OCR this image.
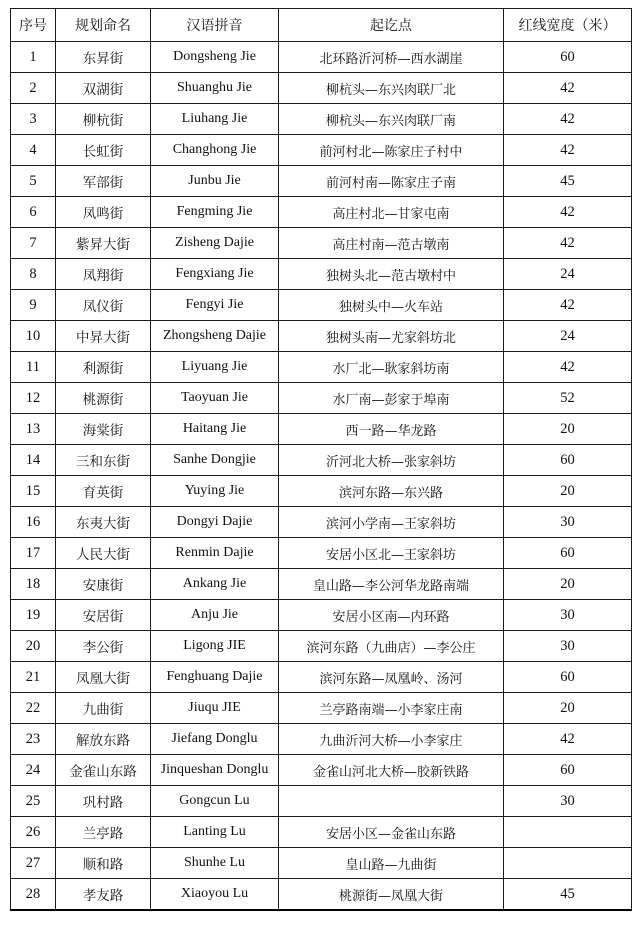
序号	规划命名	汉语拼音	起讫点	红线宽度（米）
1	东昇街	Dongsheng Jie	北环路沂河桥—西水湖崖	60
2	双湖街	Shuanghu Jie	柳杭头—东兴肉联厂北	42
3	柳杭街	Liuhang Jie	柳杭头—东兴肉联厂南	42
4	长虹街	Changhong Jie	前河村北—陈家庄子村中	42
5	军部街	Junbu Jie	前河村南—陈家庄子南	45
6	凤鸣街	Fengming Jie	高庄村北—甘家屯南	42
7	紫昇大街	Zisheng Dajie	高庄村南—范古墩南	42
8	凤翔街	Fengxiang Jie	独树头北—范古墩村中	24
9	凤仪街	Fengyi Jie	独树头中—火车站	42
10	中昇大街	Zhongsheng Dajie	独树头南—尤家斜坊北	24
11	利源街	Liyuang Jie	水厂北—耿家斜坊南	42
12	桃源街	Taoyuan Jie	水厂南—彭家于埠南	52
13	海棠街	Haitang Jie	西一路—华龙路	20
14	三和东街	Sanhe Dongjie	沂河北大桥—张家斜坊	60
15	育英街	Yuying Jie	滨河东路—东兴路	20
16	东夷大街	Dongyi Dajie	滨河小学南—王家斜坊	30
17	人民大街	Renmin Dajie	安居小区北—王家斜坊	60
18	安康街	Ankang Jie	皇山路—李公河华龙路南端	20
19	安居街	Anju Jie	安居小区南—内环路	30
20	李公街	Ligong JIE	滨河东路（九曲店）—李公庄	30
21	凤凰大街	Fenghuang Dajie	滨河东路—凤凰岭、汤河	60
22	九曲街	Jiuqu JIE	兰亭路南端—小李家庄南	20
23	解放东路	Jiefang Donglu	九曲沂河大桥—小李家庄	42
24	金雀山东路	Jinqueshan Donglu	金雀山河北大桥—胶新铁路	60
25	巩村路	Gongcun Lu		30
26	兰亭路	Lanting Lu	安居小区—金雀山东路	
27	顺和路	Shunhe Lu	皇山路—九曲街	
28	孝友路	Xiaoyou Lu	桃源街—凤凰大街	45
